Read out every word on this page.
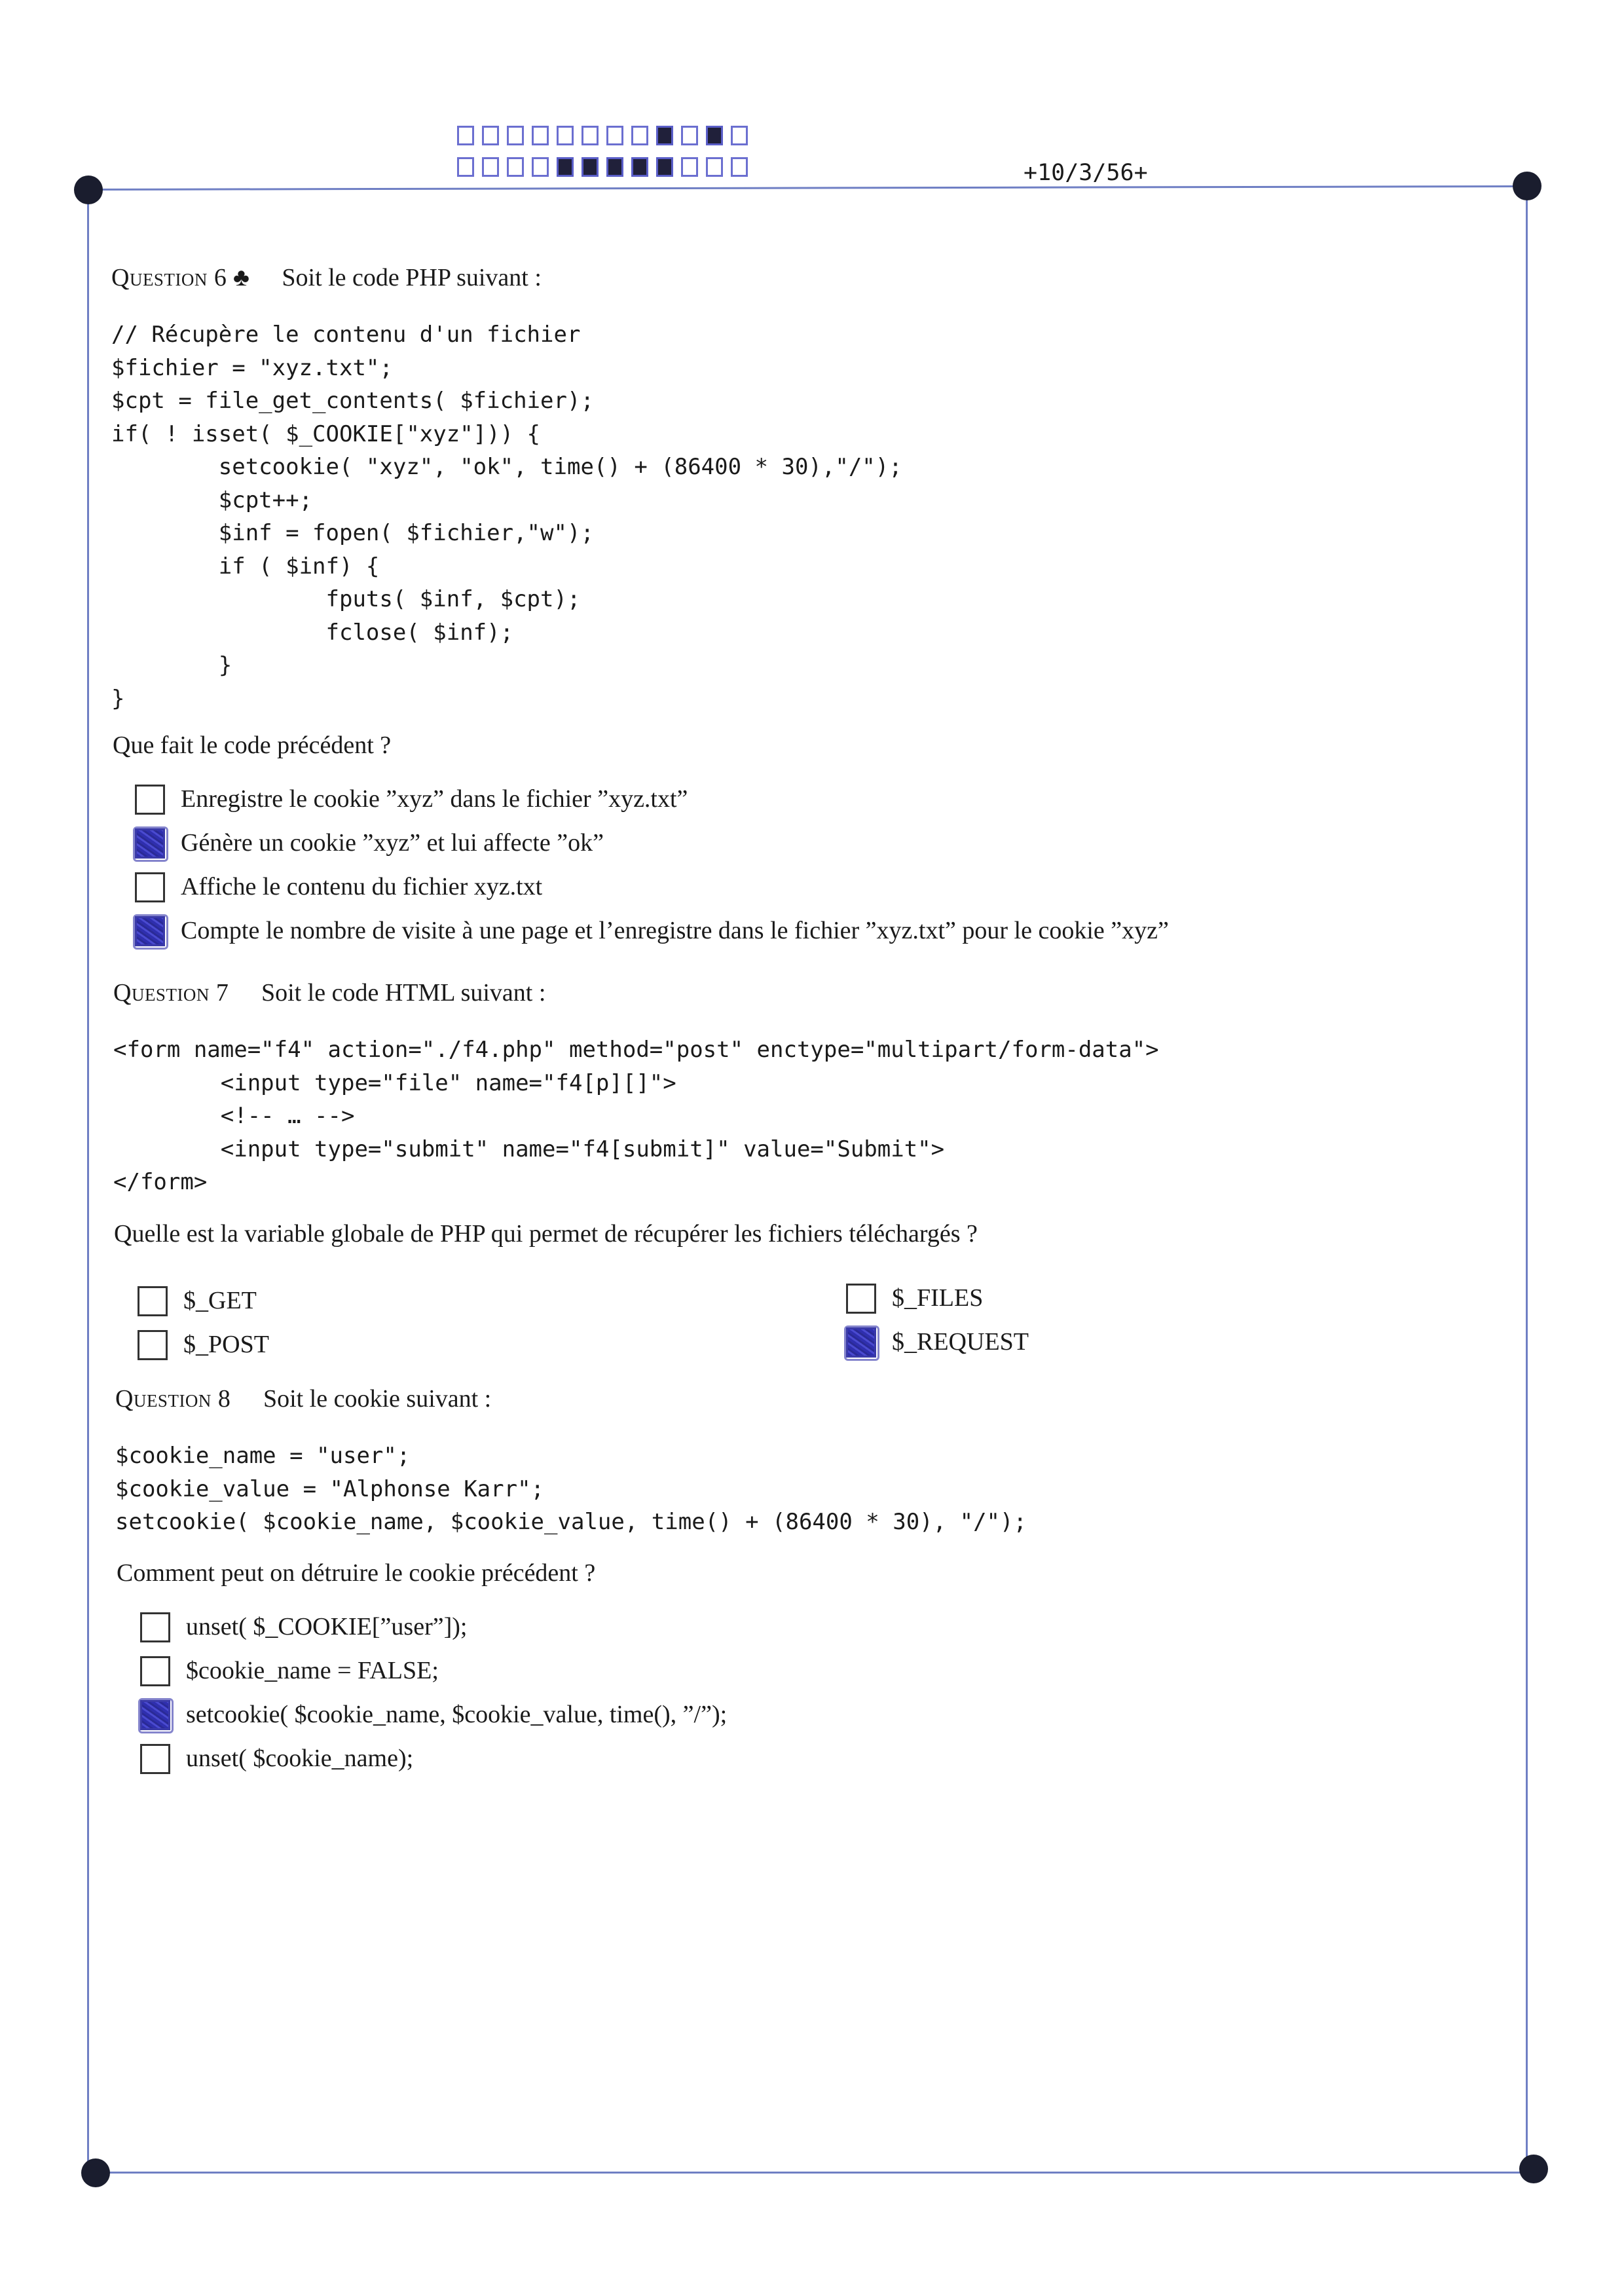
+10/3/56+
Question 6 ♣ Soit le code PHP suivant :
// Récupère le contenu d'un fichier
$fichier = "xyz.txt";
$cpt = file_get_contents( $fichier);
if( ! isset( $_COOKIE["xyz"])) {
setcookie( "xyz", "ok", time() + (86400 * 30),"/");
$cpt++;
$inf = fopen( $fichier,"w");
if ( $inf) {
fputs( $inf, $cpt);
fclose( $inf);
}
}
Que fait le code précédent ?
Enregistre le cookie ”xyz” dans le fichier ”xyz.txt”
Génère un cookie ”xyz” et lui affecte ”ok”
Affiche le contenu du fichier xyz.txt
Compte le nombre de visite à une page et l’enregistre dans le fichier ”xyz.txt” pour le cookie ”xyz”
Question 7 Soit le code HTML suivant :
<form name="f4" action="./f4.php" method="post" enctype="multipart/form-data">
<input type="file" name="f4[p][]">
<!-- … -->
<input type="submit" name="f4[submit]" value="Submit">
</form>
Quelle est la variable globale de PHP qui permet de récupérer les fichiers téléchargés ?
$_GET
$_POST
$_FILES
$_REQUEST
Question 8 Soit le cookie suivant :
$cookie_name = "user";
$cookie_value = "Alphonse Karr";
setcookie( $cookie_name, $cookie_value, time() + (86400 * 30), "/");
Comment peut on détruire le cookie précédent ?
unset( $_COOKIE[”user”]);
$cookie_name = FALSE;
setcookie( $cookie_name, $cookie_value, time(), ”/”);
unset( $cookie_name);
